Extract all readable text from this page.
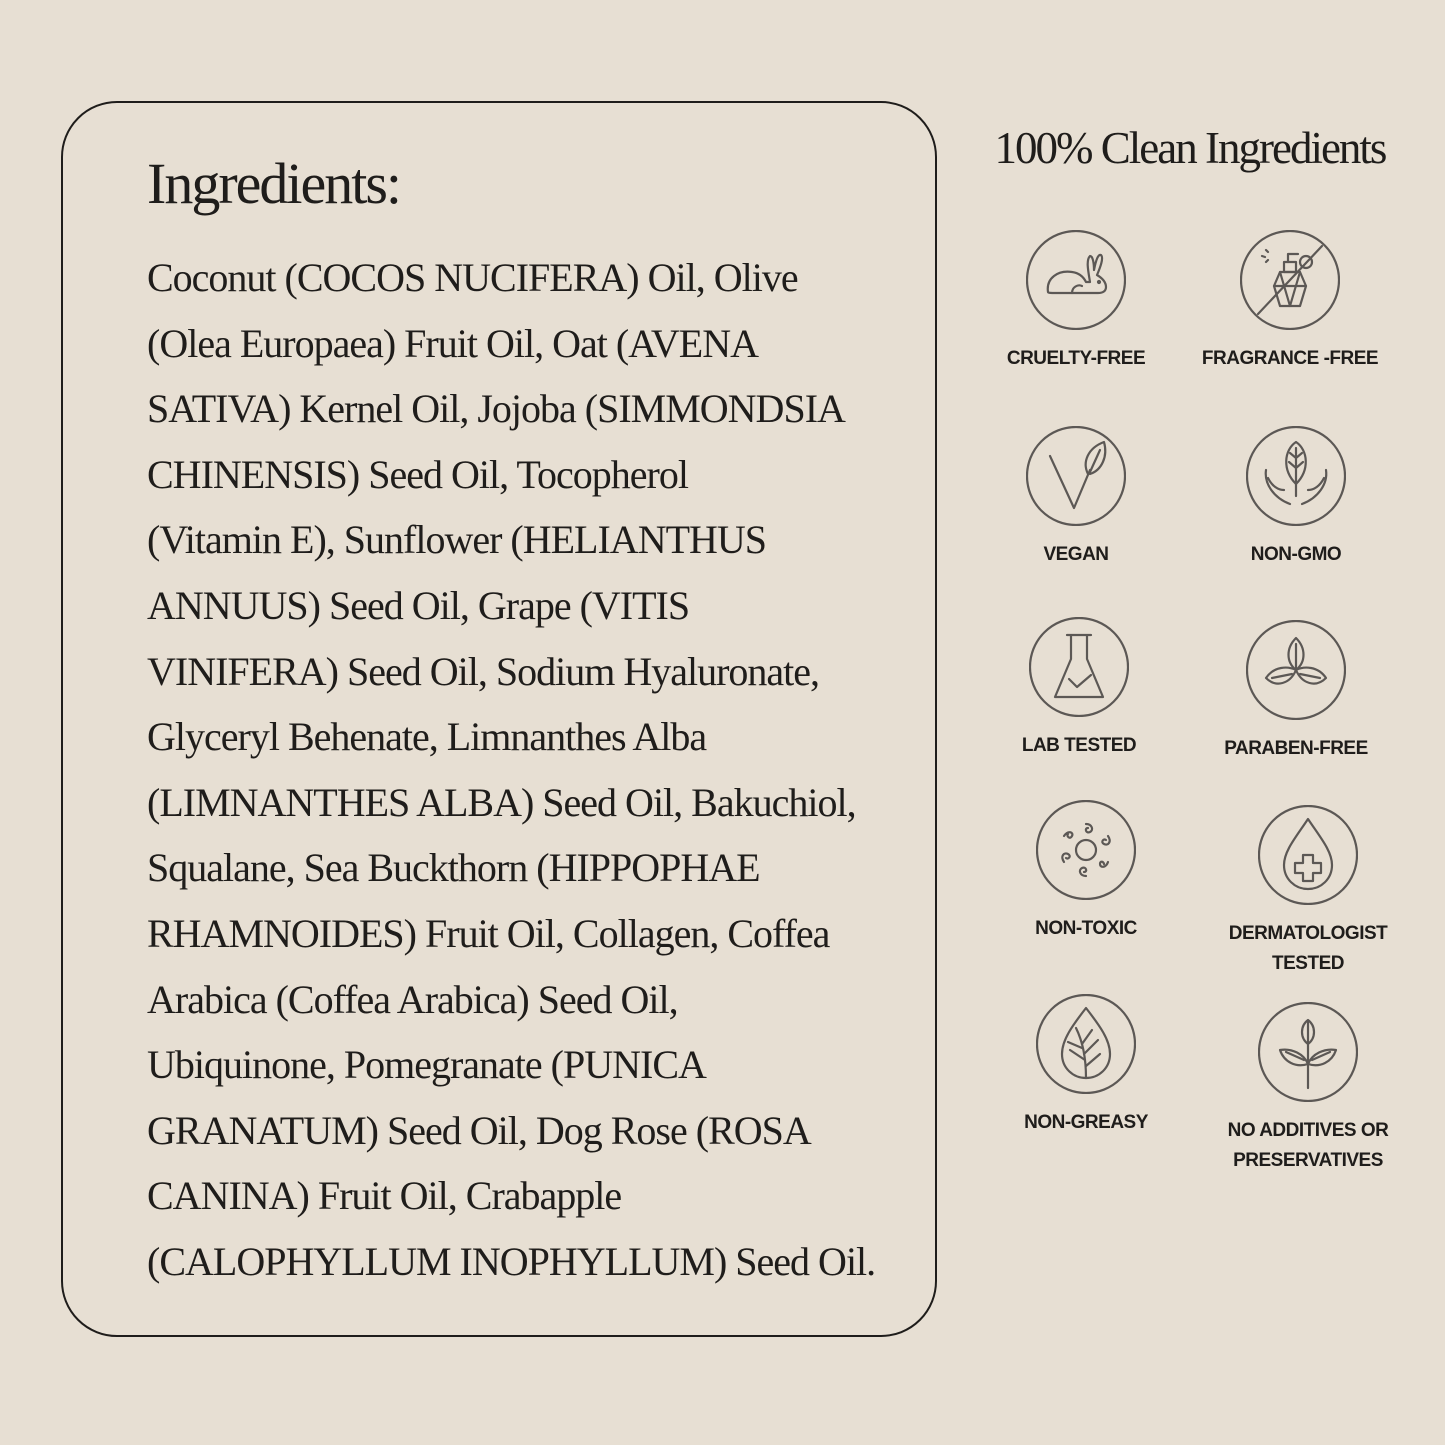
Ingredients:
Coconut (COCOS NUCIFERA) Oil, Olive
(Olea Europaea) Fruit Oil, Oat (AVENA
SATIVA) Kernel Oil, Jojoba (SIMMONDSIA
CHINENSIS) Seed Oil, Tocopherol
(Vitamin E), Sunflower (HELIANTHUS
ANNUUS) Seed Oil, Grape (VITIS
VINIFERA) Seed Oil, Sodium Hyaluronate,
Glyceryl Behenate, Limnanthes Alba
(LIMNANTHES ALBA) Seed Oil, Bakuchiol,
Squalane, Sea Buckthorn (HIPPOPHAE
RHAMNOIDES) Fruit Oil, Collagen, Coffea
Arabica (Coffea Arabica) Seed Oil,
Ubiquinone, Pomegranate (PUNICA
GRANATUM) Seed Oil, Dog Rose (ROSA
CANINA) Fruit Oil, Crabapple
(CALOPHYLLUM INOPHYLLUM) Seed Oil.
100% Clean Ingredients
CRUELTY-FREE	FRAGRANCE -FREE
VEGAN	NON-GMO
LAB TESTED	PARABEN-FREE
NON-TOXIC	DERMATOLOGIST
TESTED
NON-GREASY	NO ADDITIVES OR
PRESERVATIVES
